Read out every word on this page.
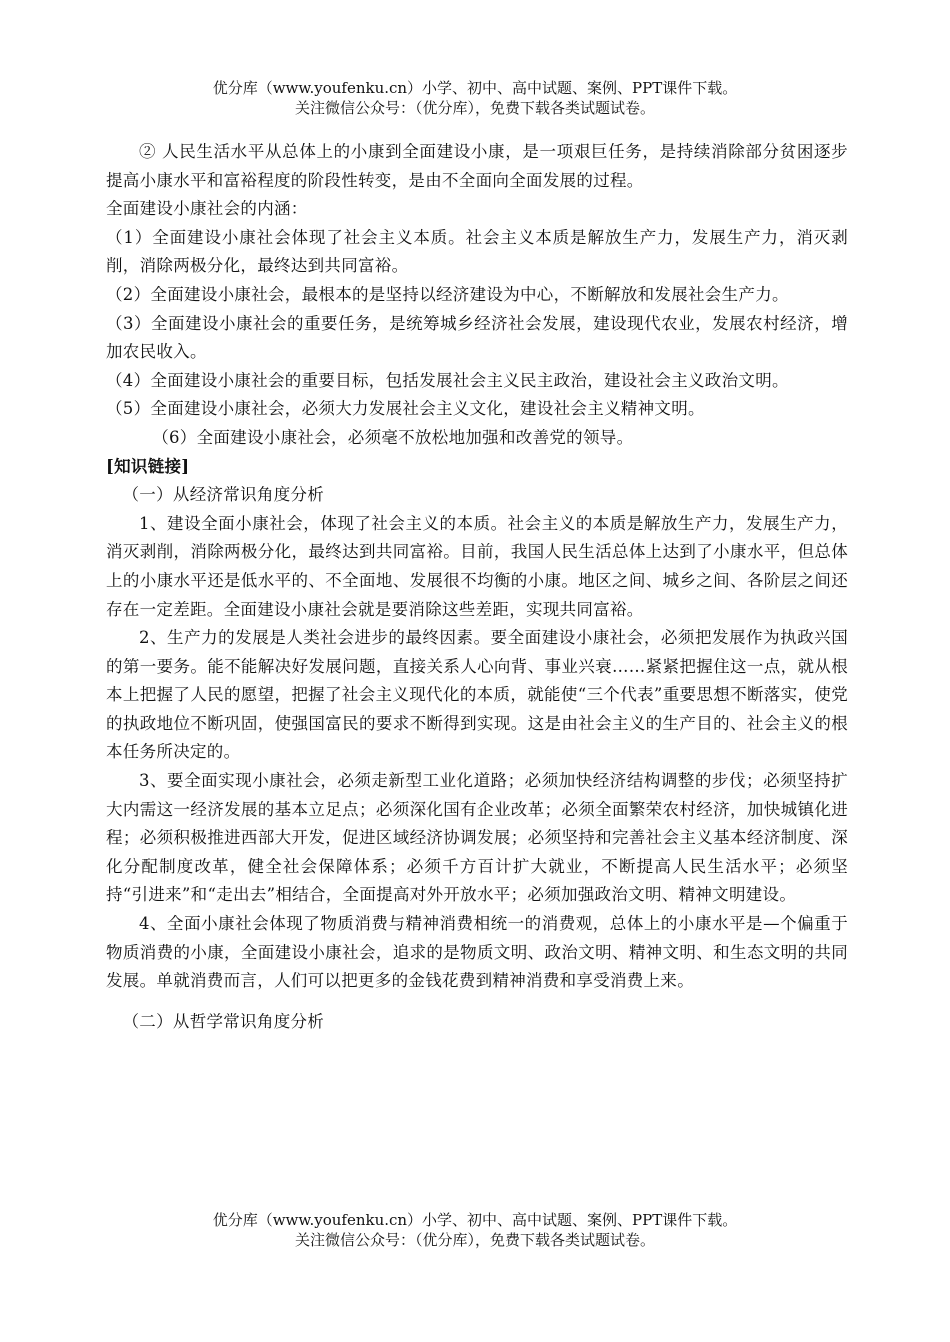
优分库（www.youfenku.cn）小学、初中、高中试题、案例、PPT课件下载。
关注微信公众号：（优分库），免费下载各类试题试卷。

② 人民生活水平从总体上的小康到全面建设小康，是一项艰巨任务，是持续消除部分贫困逐步提高小康水平和富裕程度的阶段性转变，是由不全面向全面发展的过程。

全面建设小康社会的内涵：

（1）全面建设小康社会体现了社会主义本质。社会主义本质是解放生产力，发展生产力，消灭剥削，消除两极分化，最终达到共同富裕。

（2）全面建设小康社会，最根本的是坚持以经济建设为中心，不断解放和发展社会生产力。

（3）全面建设小康社会的重要任务，是统筹城乡经济社会发展，建设现代农业，发展农村经济，增加农民收入。

（4）全面建设小康社会的重要目标，包括发展社会主义民主政治，建设社会主义政治文明。

（5）全面建设小康社会，必须大力发展社会主义文化，建设社会主义精神文明。

（6）全面建设小康社会，必须毫不放松地加强和改善党的领导。

[知识链接]

（一）从经济常识角度分析

1、建设全面小康社会，体现了社会主义的本质。社会主义的本质是解放生产力，发展生产力，消灭剥削，消除两极分化，最终达到共同富裕。目前，我国人民生活总体上达到了小康水平，但总体上的小康水平还是低水平的、不全面地、发展很不均衡的小康。地区之间、城乡之间、各阶层之间还存在一定差距。全面建设小康社会就是要消除这些差距，实现共同富裕。

2、生产力的发展是人类社会进步的最终因素。要全面建设小康社会，必须把发展作为执政兴国的第一要务。能不能解决好发展问题，直接关系人心向背、事业兴衰……紧紧把握住这一点，就从根本上把握了人民的愿望，把握了社会主义现代化的本质，就能使“三个代表”重要思想不断落实，使党的执政地位不断巩固，使强国富民的要求不断得到实现。这是由社会主义的生产目的、社会主义的根本任务所决定的。

3、要全面实现小康社会，必须走新型工业化道路；必须加快经济结构调整的步伐；必须坚持扩大内需这一经济发展的基本立足点；必须深化国有企业改革；必须全面繁荣农村经济，加快城镇化进程；必须积极推进西部大开发，促进区域经济协调发展；必须坚持和完善社会主义基本经济制度、深化分配制度改革，健全社会保障体系；必须千方百计扩大就业，不断提高人民生活水平；必须坚持“引进来”和“走出去”相结合，全面提高对外开放水平；必须加强政治文明、精神文明建设。

4、全面小康社会体现了物质消费与精神消费相统一的消费观，总体上的小康水平是—个偏重于物质消费的小康，全面建设小康社会，追求的是物质文明、政治文明、精神文明、和生态文明的共同发展。单就消费而言，人们可以把更多的金钱花费到精神消费和享受消费上来。

（二）从哲学常识角度分析

优分库（www.youfenku.cn）小学、初中、高中试题、案例、PPT课件下载。
关注微信公众号：（优分库），免费下载各类试题试卷。
